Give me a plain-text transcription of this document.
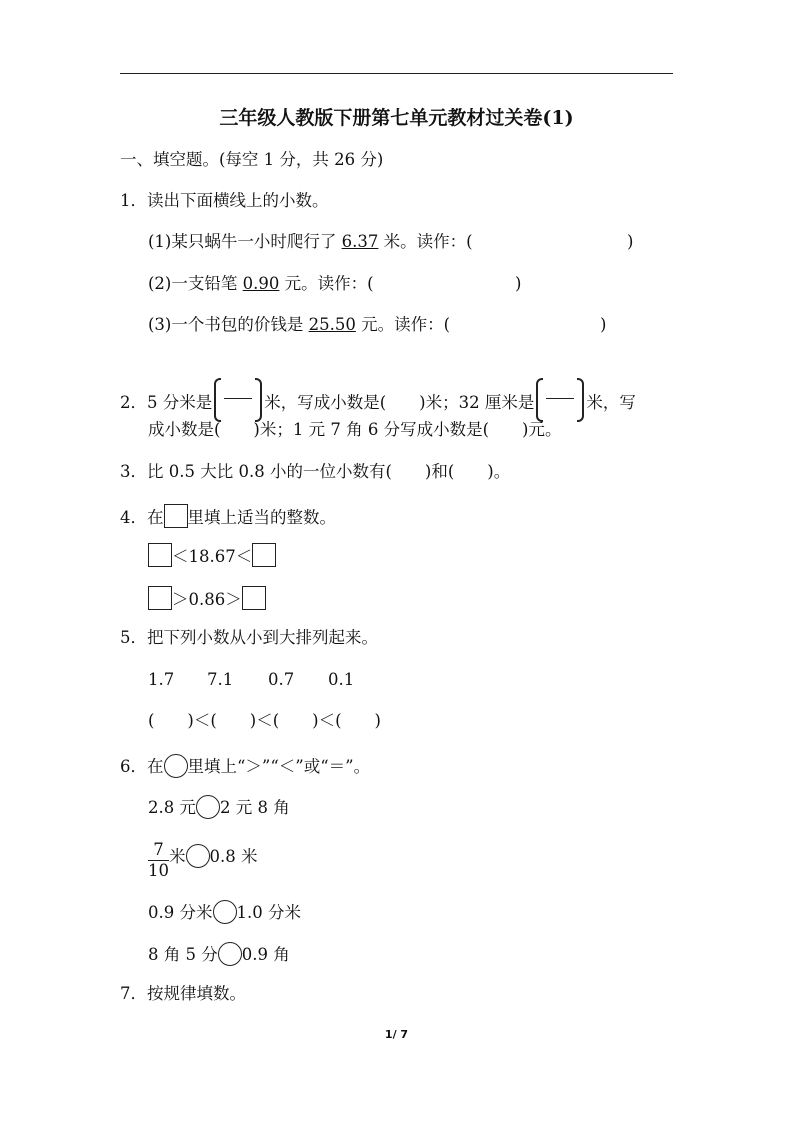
三年级人教版下册第七单元教材过关卷(1)
一、填空题。(每空 1 分，共 26 分)
1．读出下面横线上的小数。
(1)某只蜗牛一小时爬行了 6.37 米。读作：(	)
(2)一支铅笔 0.90 元。读作：(	)
(3)一个书包的价钱是 25.50 元。读作：(	)
2．5 分米是	米，写成小数是(　　)米；32 厘米是	米，写
成小数是(　　)米；1 元 7 角 6 分写成小数是(　　)元。
3．比 0.5 大比 0.8 小的一位小数有(　　)和(　　)。
4．在 里填上适当的整数。
＜18.67＜
＞0.86＞
5．把下列小数从小到大排列起来。
1.7 7.1 0.7 0.1
(　　)＜(　　)＜(　　)＜(　　)
6．在 里填上“＞”“＜”或“＝”。
2.8 元 2 元 8 角
$\frac{7}{10}$ 米 0.8 米
0.9 分米 1.0 分米
8 角 5 分 0.9 角
7．按规律填数。
1/ 7
